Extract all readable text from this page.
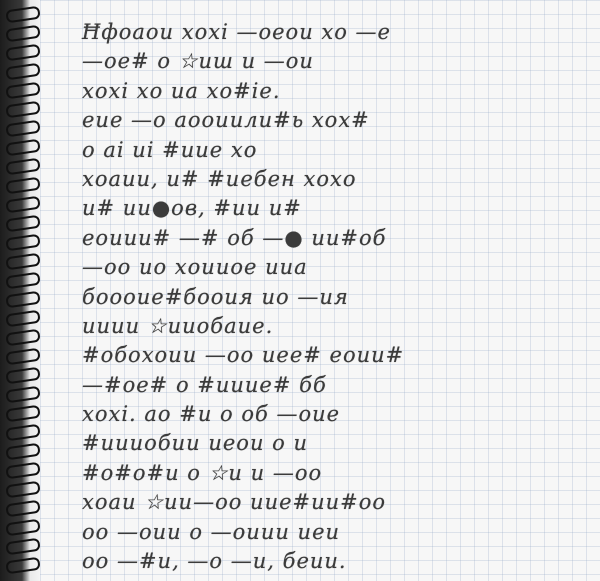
Ħфоаoи хохi —oeoи хо —е
—ое# о ☆иш и —ои
хохi хо иа хо#ie.
еиe —о aooиили#ь хох#
о ai иi #иие хо
хоaии, и# #иебен хохо
и# ии●ов, #ии и#
eоиии# —# об —● ии#об
—оо ио хоииoе ииa
боооиe#бooия ио —ия
ииии ☆ииобaие.
#oбoхоии —оо иеe# eоии#
—#оe# о #иииe# бб
хохi. ао #и о об —оиe
#иииобии иeoи о и
#о#о#и о ☆и и —оо
хоaи ☆ии—оо ииe#ии#oo
оо —оии о —оиии иeи
оо —#и, —о —и, бeии.
